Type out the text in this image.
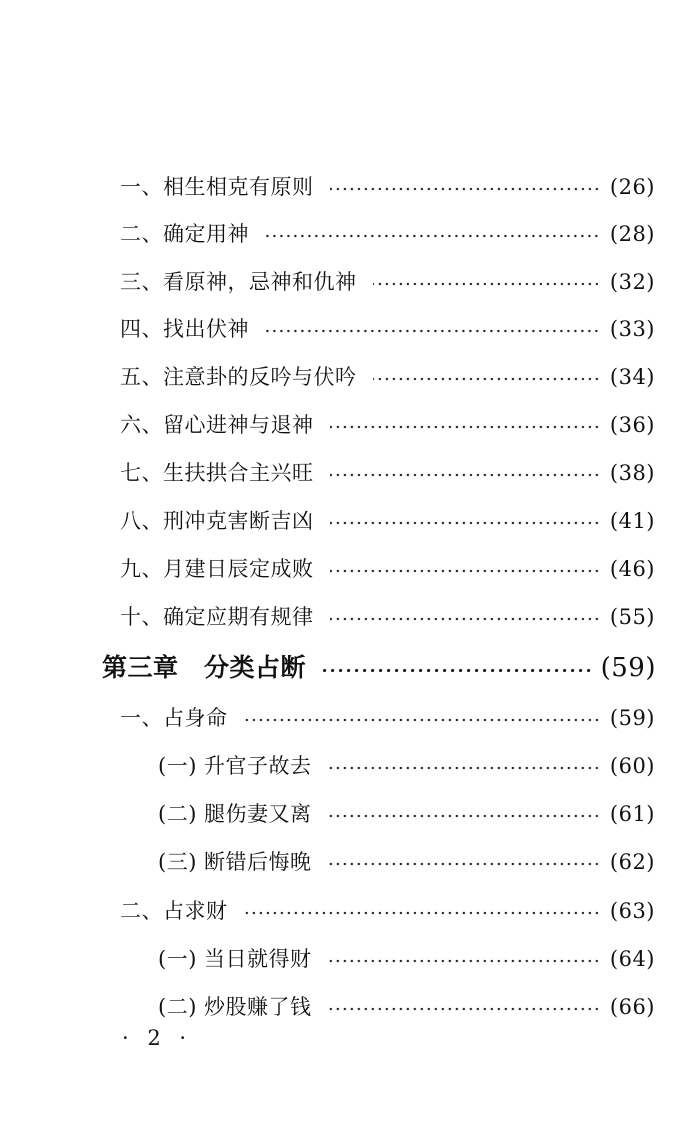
一、相生相克有原则	(26)
二、确定用神	(28)
三、看原神，忌神和仇神	(32)
四、找出伏神	(33)
五、注意卦的反吟与伏吟	(34)
六、留心进神与退神	(36)
七、生扶拱合主兴旺	(38)
八、刑冲克害断吉凶	(41)
九、月建日辰定成败	(46)
十、确定应期有规律	(55)
第三章　分类占断	(59)
一、占身命	(59)
(一) 升官子故去	(60)
(二) 腿伤妻又离	(61)
(三) 断错后悔晚	(62)
二、占求财	(63)
(一) 当日就得财	(64)
(二) 炒股赚了钱	(66)
· 2 ·
